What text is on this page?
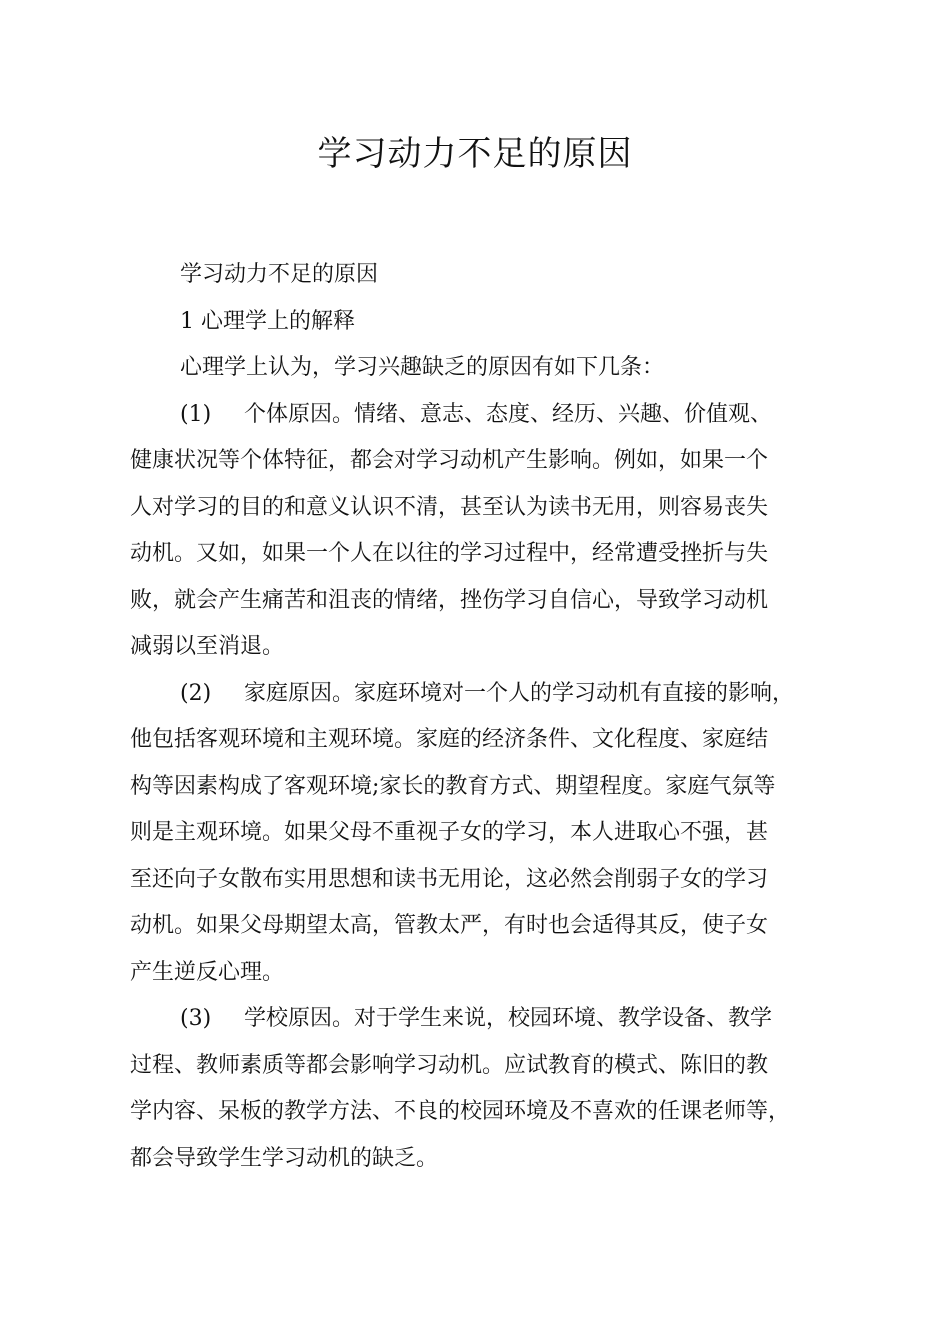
学习动力不足的原因
学习动力不足的原因
1 心理学上的解释
心理学上认为，学习兴趣缺乏的原因有如下几条：
(1) 个体原因。情绪、意志、态度、经历、兴趣、价值观、
健康状况等个体特征，都会对学习动机产生影响。例如，如果一个
人对学习的目的和意义认识不清，甚至认为读书无用，则容易丧失
动机。又如，如果一个人在以往的学习过程中，经常遭受挫折与失
败，就会产生痛苦和沮丧的情绪，挫伤学习自信心，导致学习动机
减弱以至消退。
(2) 家庭原因。家庭环境对一个人的学习动机有直接的影响，
他包括客观环境和主观环境。家庭的经济条件、文化程度、家庭结
构等因素构成了客观环境;家长的教育方式、期望程度。家庭气氛等
则是主观环境。如果父母不重视子女的学习，本人进取心不强，甚
至还向子女散布实用思想和读书无用论，这必然会削弱子女的学习
动机。如果父母期望太高，管教太严，有时也会适得其反，使子女
产生逆反心理。
(3) 学校原因。对于学生来说，校园环境、教学设备、教学
过程、教师素质等都会影响学习动机。应试教育的模式、陈旧的教
学内容、呆板的教学方法、不良的校园环境及不喜欢的任课老师等，
都会导致学生学习动机的缺乏。
